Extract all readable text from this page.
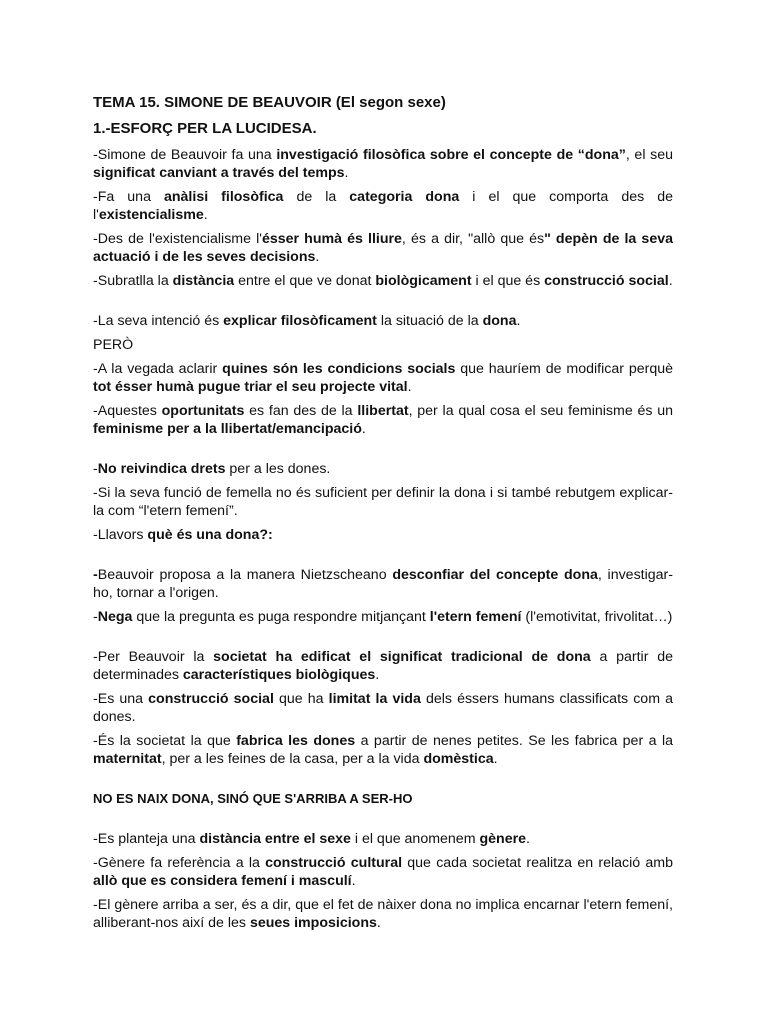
TEMA 15. SIMONE DE BEAUVOIR (El segon sexe)
1.-ESFORÇ PER LA LUCIDESA.
-Simone de Beauvoir fa una investigació filosòfica sobre el concepte de “dona”, el seu significat canviant a través del temps.
-Fa una anàlisi filosòfica de la categoria dona i el que comporta des de l'existencialisme.
-Des de l'existencialisme l'ésser humà és lliure, és a dir, "allò que és" depèn de la seva actuació i de les seves decisions.
-Subratlla la distància entre el que ve donat biològicament i el que és construcció social.
-La seva intenció és explicar filosòficament la situació de la dona.
PERÒ
-A la vegada aclarir quines són les condicions socials que hauríem de modificar perquè tot ésser humà pugue triar el seu projecte vital.
-Aquestes oportunitats es fan des de la llibertat, per la qual cosa el seu feminisme és un feminisme per a la llibertat/emancipació.
-No reivindica drets per a les dones.
-Si la seva funció de femella no és suficient per definir la dona i si també rebutgem explicar-la com “l'etern femení”.
-Llavors què és una dona?:
-Beauvoir proposa a la manera Nietzscheano desconfiar del concepte dona, investigar-ho, tornar a l'origen.
-Nega que la pregunta es puga respondre mitjançant l'etern femení (l'emotivitat, frivolitat…)
-Per Beauvoir la societat ha edificat el significat tradicional de dona a partir de determinades característiques biològiques.
-Es una construcció social que ha limitat la vida dels éssers humans classificats com a dones.
-És la societat la que fabrica les dones a partir de nenes petites. Se les fabrica per a la maternitat, per a les feines de la casa, per a la vida domèstica.
NO ES NAIX DONA, SINÓ QUE S'ARRIBA A SER-HO
-Es planteja una distància entre el sexe i el que anomenem gènere.
-Gènere fa referència a la construcció cultural que cada societat realitza en relació amb allò que es considera femení i masculí.
-El gènere arriba a ser, és a dir, que el fet de nàixer dona no implica encarnar l'etern femení, alliberant-nos així de les seues imposicions.
